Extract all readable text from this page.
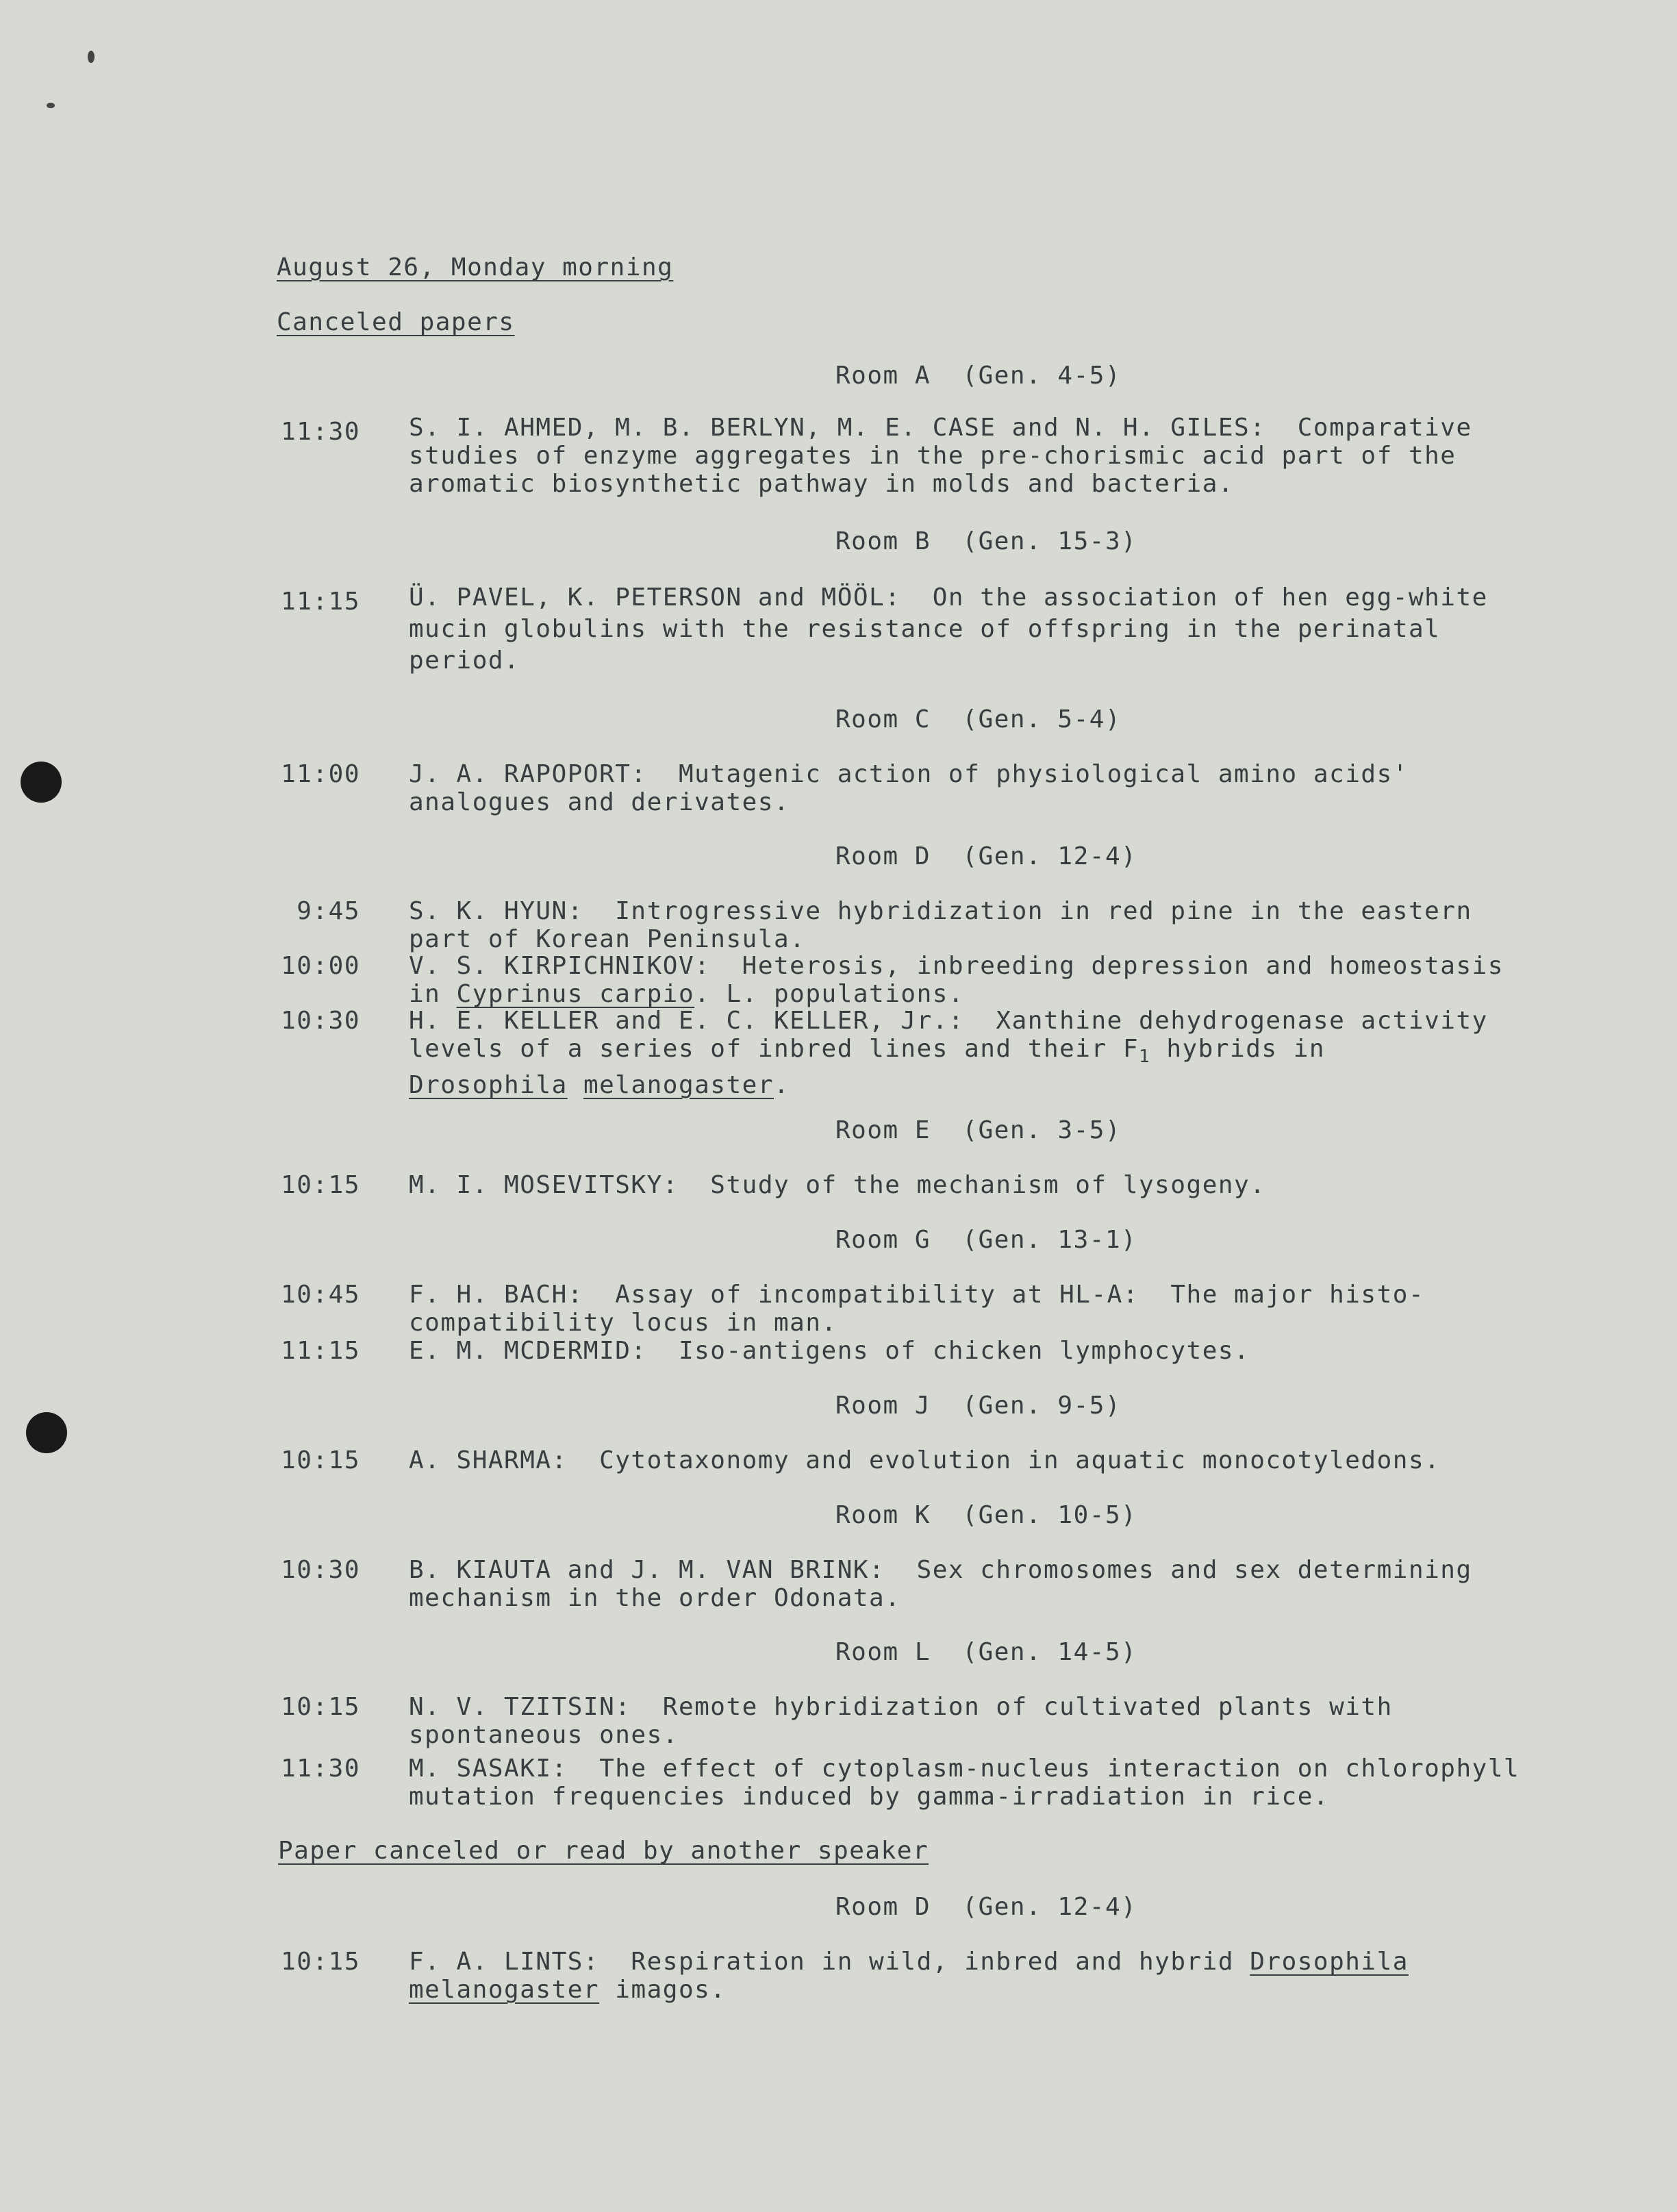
August 26, Monday morning
Canceled papers
Room A  (Gen. 4-5)
11:30 S. I. AHMED, M. B. BERLYN, M. E. CASE and N. H. GILES:  Comparative
studies of enzyme aggregates in the pre-chorismic acid part of the
aromatic biosynthetic pathway in molds and bacteria.
Room B  (Gen. 15-3)
11:15 Ü. PAVEL, K. PETERSON and MÖÖL:  On the association of hen egg-white
mucin globulins with the resistance of offspring in the perinatal
period.
Room C  (Gen. 5-4)
11:00 J. A. RAPOPORT:  Mutagenic action of physiological amino acids'
analogues and derivates.
Room D  (Gen. 12-4)
9:45 S. K. HYUN:  Introgressive hybridization in red pine in the eastern
part of Korean Peninsula.
10:00 V. S. KIRPICHNIKOV:  Heterosis, inbreeding depression and homeostasis
in Cyprinus carpio. L. populations.
10:30 H. E. KELLER and E. C. KELLER, Jr.:  Xanthine dehydrogenase activity
levels of a series of inbred lines and their $F_1$ hybrids in
Drosophila melanogaster.
Room E  (Gen. 3-5)
10:15 M. I. MOSEVITSKY:  Study of the mechanism of lysogeny.
Room G  (Gen. 13-1)
10:45 F. H. BACH:  Assay of incompatibility at HL-A:  The major histo-
compatibility locus in man.
11:15 E. M. MCDERMID:  Iso-antigens of chicken lymphocytes.
Room J  (Gen. 9-5)
10:15 A. SHARMA:  Cytotaxonomy and evolution in aquatic monocotyledons.
Room K  (Gen. 10-5)
10:30 B. KIAUTA and J. M. VAN BRINK:  Sex chromosomes and sex determining
mechanism in the order Odonata.
Room L  (Gen. 14-5)
10:15 N. V. TZITSIN:  Remote hybridization of cultivated plants with
spontaneous ones.
11:30 M. SASAKI:  The effect of cytoplasm-nucleus interaction on chlorophyll
mutation frequencies induced by gamma-irradiation in rice.
Paper canceled or read by another speaker
Room D  (Gen. 12-4)
10:15 F. A. LINTS:  Respiration in wild, inbred and hybrid Drosophila
melanogaster imagos.
